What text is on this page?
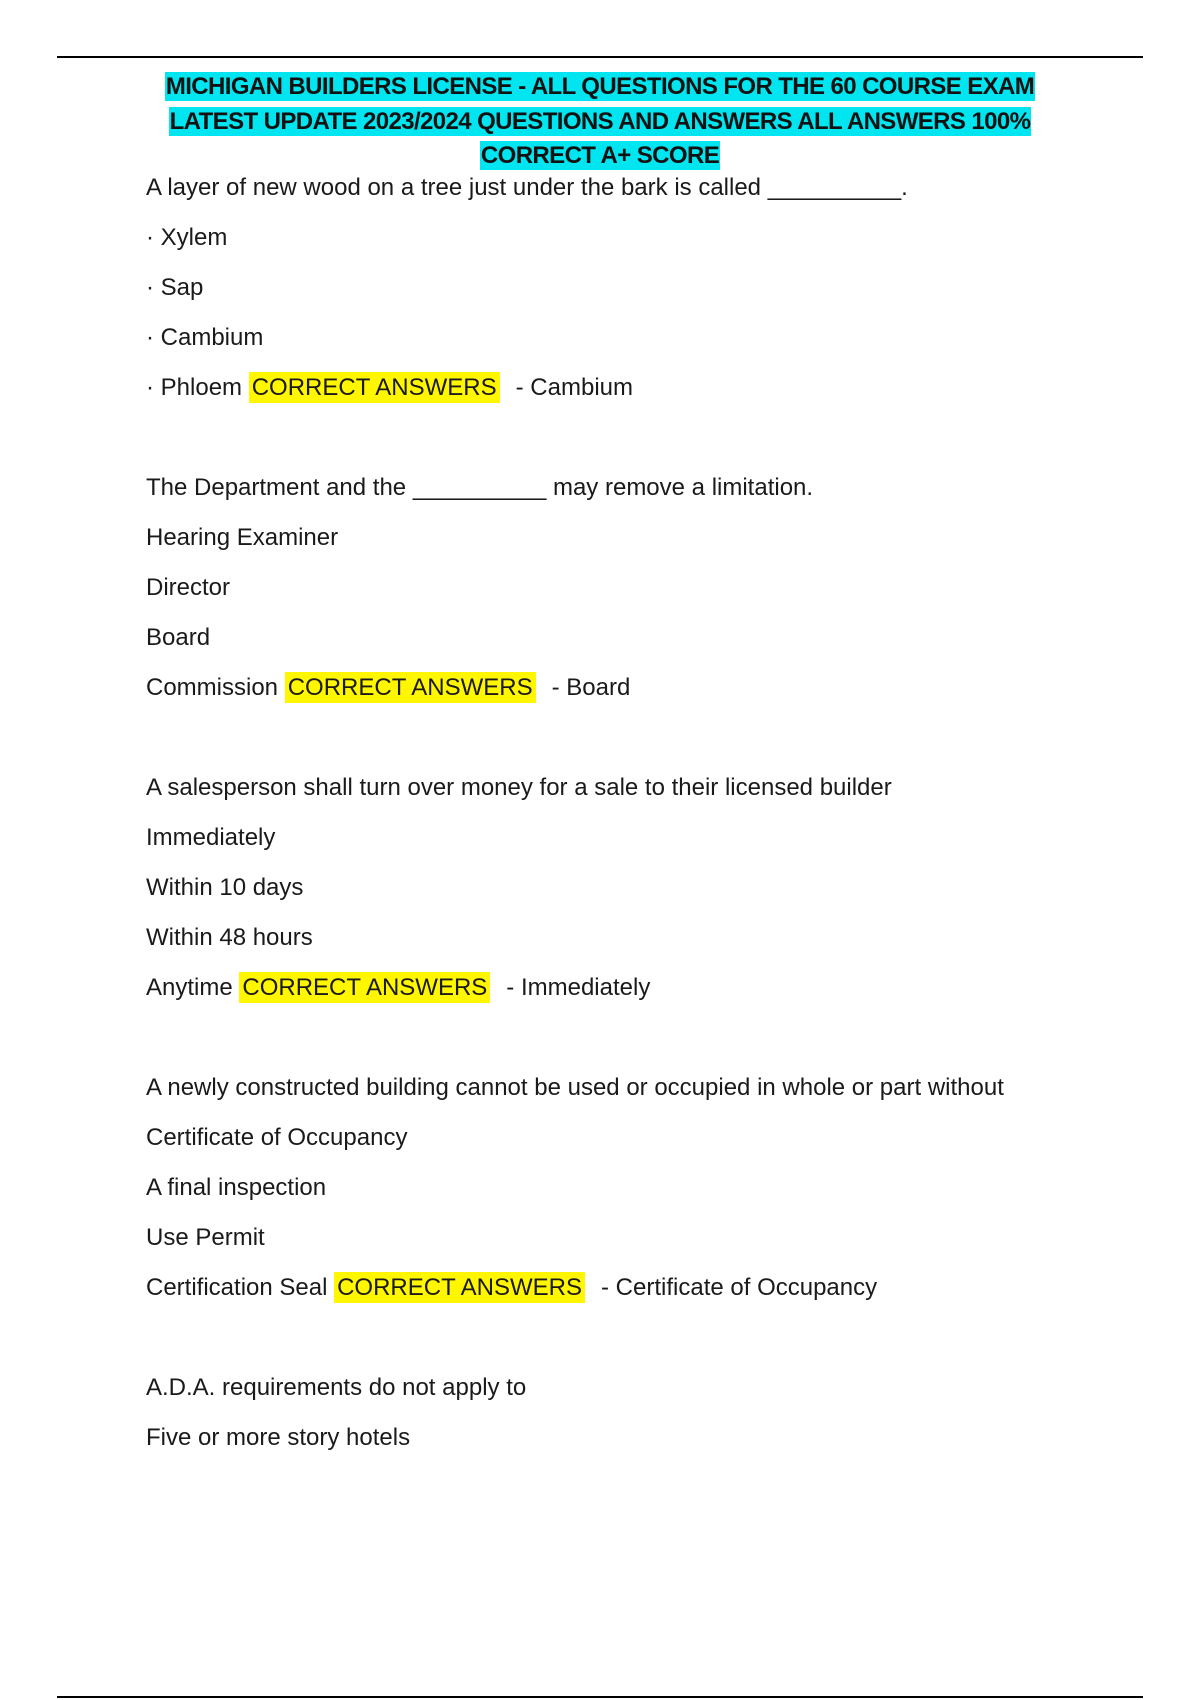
MICHIGAN BUILDERS LICENSE - ALL QUESTIONS FOR THE 60 COURSE EXAM
LATEST UPDATE 2023/2024 QUESTIONS AND ANSWERS ALL ANSWERS 100%
CORRECT A+ SCORE

A layer of new wood on a tree just under the bark is called __________.

· Xylem

· Sap

· Cambium

· Phloem CORRECT ANSWERS - Cambium

The Department and the __________ may remove a limitation.

Hearing Examiner

Director

Board

Commission CORRECT ANSWERS - Board

A salesperson shall turn over money for a sale to their licensed builder

Immediately

Within 10 days

Within 48 hours

Anytime CORRECT ANSWERS - Immediately

A newly constructed building cannot be used or occupied in whole or part without

Certificate of Occupancy

A final inspection

Use Permit

Certification Seal CORRECT ANSWERS - Certificate of Occupancy

A.D.A. requirements do not apply to

Five or more story hotels
